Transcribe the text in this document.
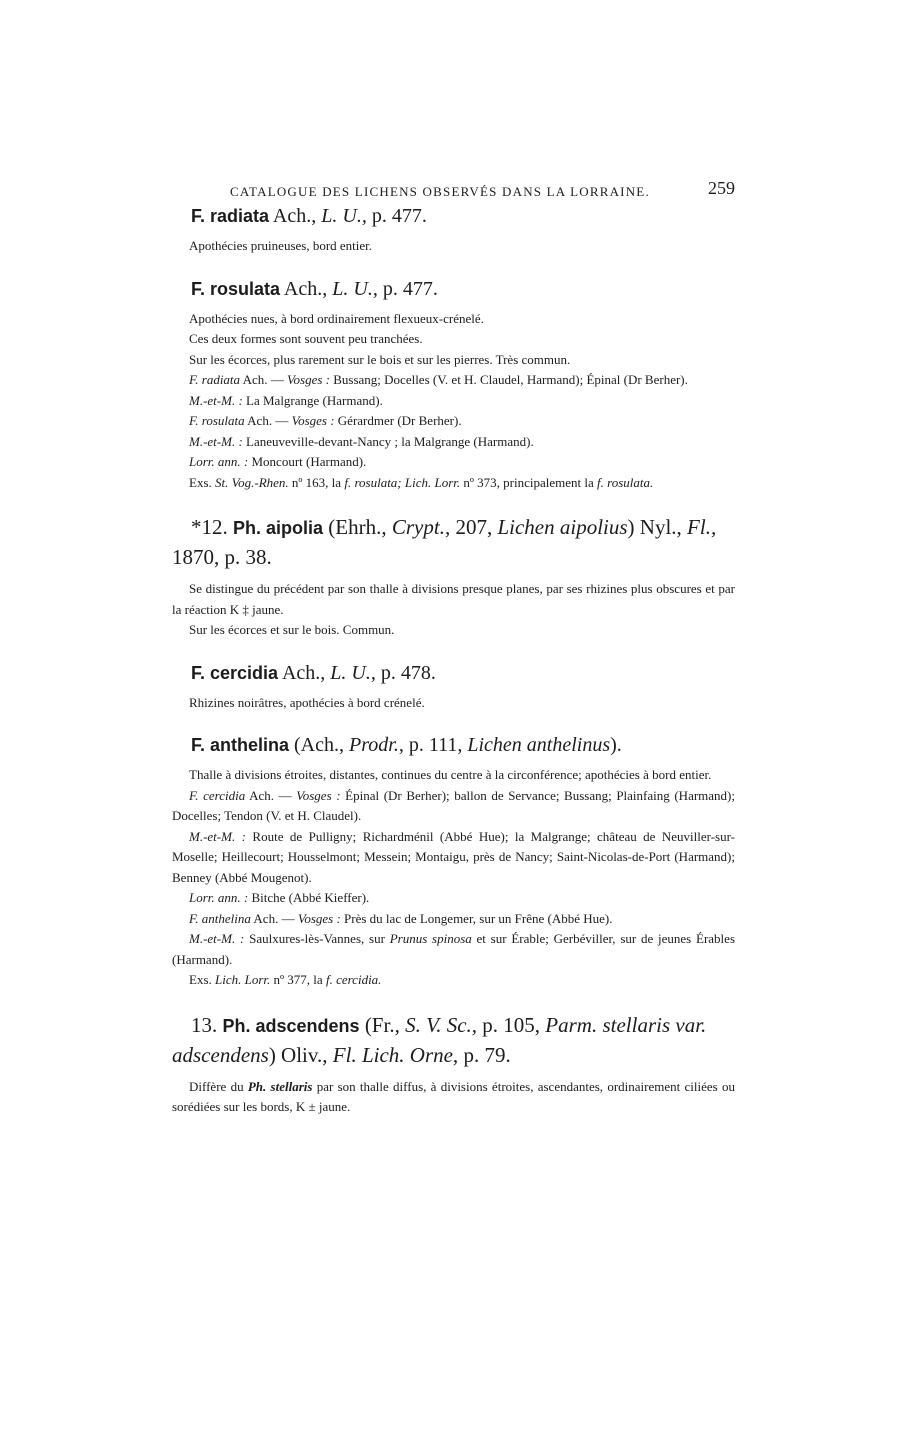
CATALOGUE DES LICHENS OBSERVÉS DANS LA LORRAINE.	259
F. radiata Ach., L. U., p. 477.

Apothécies pruineuses, bord entier.

F. rosulata Ach., L. U., p. 477.

Apothécies nues, à bord ordinairement flexueux-crénelé.

Ces deux formes sont souvent peu tranchées.

Sur les écorces, plus rarement sur le bois et sur les pierres. Très commun.

F. radiata Ach. — Vosges : Bussang; Docelles (V. et H. Claudel, Harmand); Épinal (Dr Berher).

M.-et-M. : La Malgrange (Harmand).

F. rosulata Ach. — Vosges : Gérardmer (Dr Berher).

M.-et-M. : Laneuveville-devant-Nancy ; la Malgrange (Harmand).

Lorr. ann. : Moncourt (Harmand).

Exs. St. Vog.-Rhen. nº 163, la f. rosulata; Lich. Lorr. nº 373, principalement la f. rosulata.

*12. Ph. aipolia (Ehrh., Crypt., 207, Lichen aipolius) Nyl., Fl., 1870, p. 38.

Se distingue du précédent par son thalle à divisions presque planes, par ses rhizines plus obscures et par la réaction K ‡ jaune.

Sur les écorces et sur le bois. Commun.

F. cercidia Ach., L. U., p. 478.

Rhizines noirâtres, apothécies à bord crénelé.

F. anthelina (Ach., Prodr., p. 111, Lichen anthelinus).

Thalle à divisions étroites, distantes, continues du centre à la circonférence; apothécies à bord entier.

F. cercidia Ach. — Vosges : Épinal (Dr Berher); ballon de Servance; Bussang; Plainfaing (Harmand); Docelles; Tendon (V. et H. Claudel).

M.-et-M. : Route de Pulligny; Richardménil (Abbé Hue); la Malgrange; château de Neuviller-sur-Moselle; Heillecourt; Housselmont; Messein; Montaigu, près de Nancy; Saint-Nicolas-de-Port (Harmand); Benney (Abbé Mougenot).

Lorr. ann. : Bitche (Abbé Kieffer).

F. anthelina Ach. — Vosges : Près du lac de Longemer, sur un Frêne (Abbé Hue).

M.-et-M. : Saulxures-lès-Vannes, sur Prunus spinosa et sur Érable; Gerbéviller, sur de jeunes Érables (Harmand).

Exs. Lich. Lorr. nº 377, la f. cercidia.

13. Ph. adscendens (Fr., S. V. Sc., p. 105, Parm. stellaris var. adscendens) Oliv., Fl. Lich. Orne, p. 79.

Diffère du Ph. stellaris par son thalle diffus, à divisions étroites, ascendantes, ordinairement ciliées ou sorédiées sur les bords, K ± jaune.
